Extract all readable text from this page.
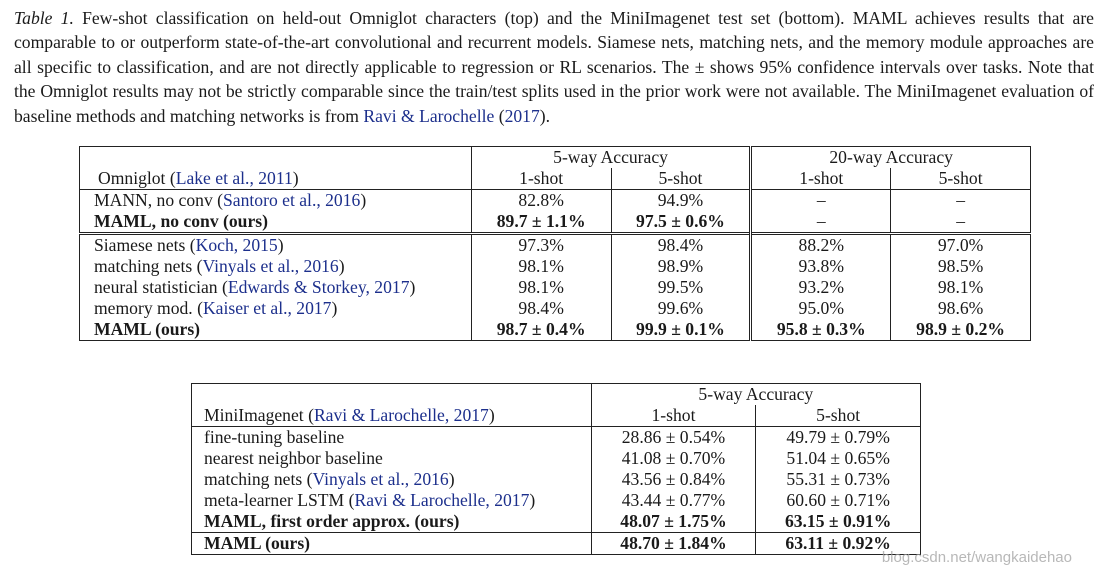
Table 1. Few-shot classification on held-out Omniglot characters (top) and the MiniImagenet test set (bottom). MAML achieves results that are comparable to or outperform state-of-the-art convolutional and recurrent models. Siamese nets, matching nets, and the memory module approaches are all specific to classification, and are not directly applicable to regression or RL scenarios. The ± shows 95% confidence intervals over tasks. Note that the Omniglot results may not be strictly comparable since the train/test splits used in the prior work were not available. The MiniImagenet evaluation of baseline methods and matching networks is from Ravi & Larochelle (2017).
	5-way Accuracy		20-way Accuracy	
Omniglot (Lake et al., 2011)	1-shot	5-shot	1-shot	5-shot
MANN, no conv (Santoro et al., 2016)	82.8%	94.9%	–	–
MAML, no conv (ours)	89.7 ± 1.1%	97.5 ± 0.6%	–	–
Siamese nets (Koch, 2015)	97.3%	98.4%	88.2%	97.0%
matching nets (Vinyals et al., 2016)	98.1%	98.9%	93.8%	98.5%
neural statistician (Edwards & Storkey, 2017)	98.1%	99.5%	93.2%	98.1%
memory mod. (Kaiser et al., 2017)	98.4%	99.6%	95.0%	98.6%
MAML (ours)	98.7 ± 0.4%	99.9 ± 0.1%	95.8 ± 0.3%	98.9 ± 0.2%
	5-way Accuracy	
MiniImagenet (Ravi & Larochelle, 2017)	1-shot	5-shot
fine-tuning baseline	28.86 ± 0.54%	49.79 ± 0.79%
nearest neighbor baseline	41.08 ± 0.70%	51.04 ± 0.65%
matching nets (Vinyals et al., 2016)	43.56 ± 0.84%	55.31 ± 0.73%
meta-learner LSTM (Ravi & Larochelle, 2017)	43.44 ± 0.77%	60.60 ± 0.71%
MAML, first order approx. (ours)	48.07 ± 1.75%	63.15 ± 0.91%
MAML (ours)	48.70 ± 1.84%	63.11 ± 0.92%
blog.csdn.net/wangkaidehao
